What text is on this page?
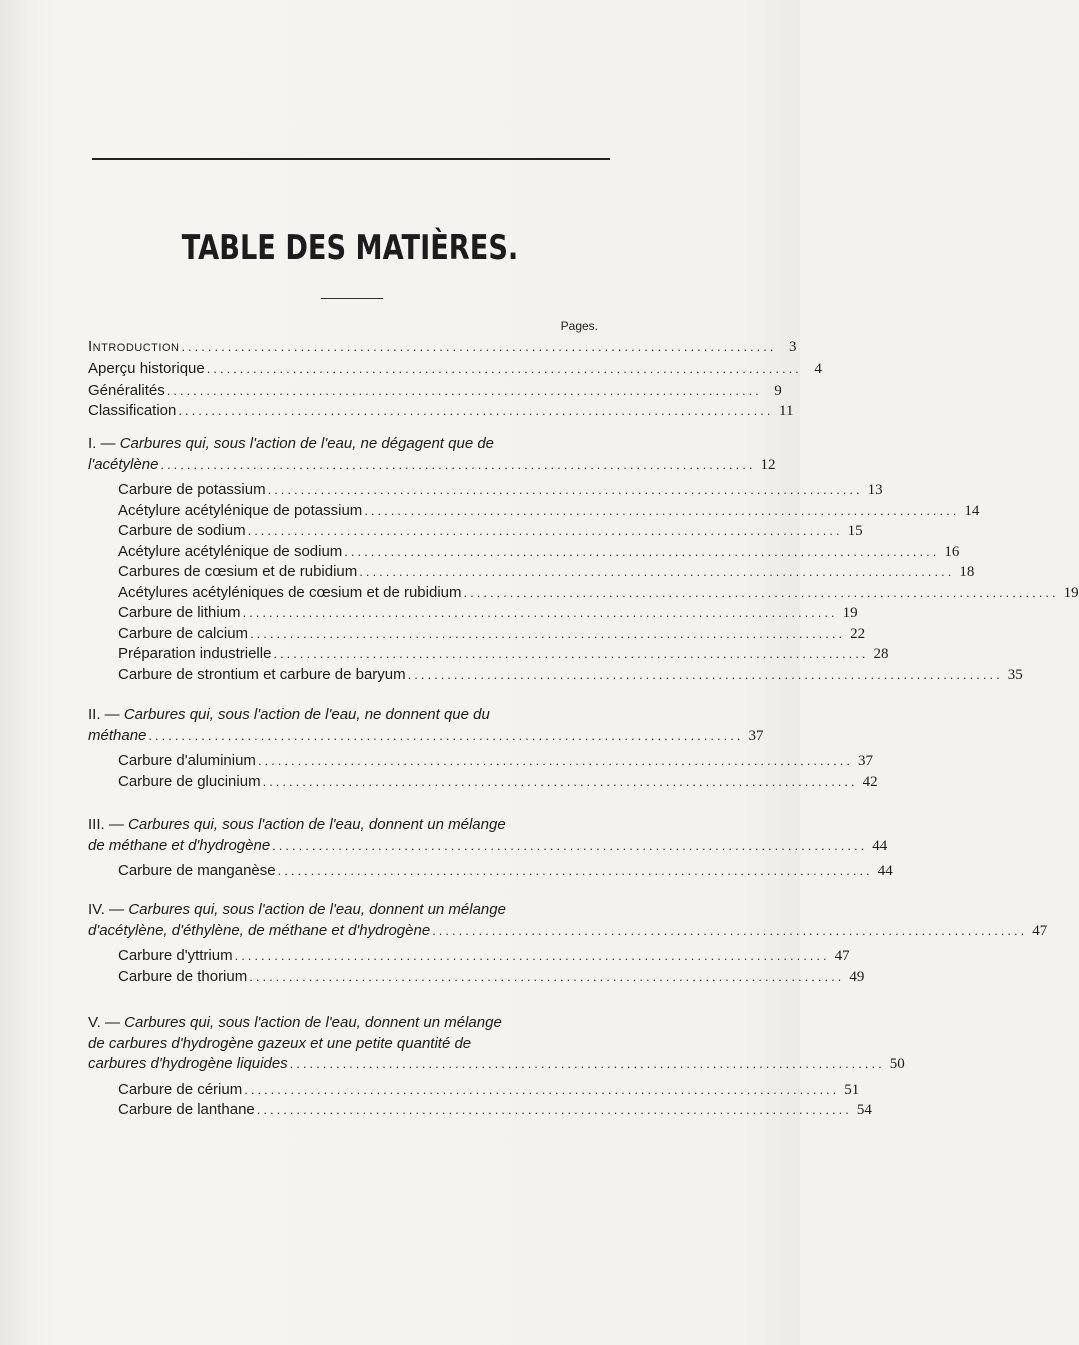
TABLE DES MATIÈRES.
Pages.
Introduction .......................................................................................... 3
Aperçu historique .......................................................................................... 4
Généralités .......................................................................................... 9
Classification .......................................................................................... 11
I. — Carbures qui, sous l'action de l'eau, ne dégagent que de
l'acétylène .......................................................................................... 12
Carbure de potassium .......................................................................................... 13
Acétylure acétylénique de potassium .......................................................................................... 14
Carbure de sodium .......................................................................................... 15
Acétylure acétylénique de sodium .......................................................................................... 16
Carbures de cœsium et de rubidium .......................................................................................... 18
Acétylures acétyléniques de cœsium et de rubidium .......................................................................................... 19
Carbure de lithium .......................................................................................... 19
Carbure de calcium .......................................................................................... 22
Préparation industrielle .......................................................................................... 28
Carbure de strontium et carbure de baryum .......................................................................................... 35
II. — Carbures qui, sous l'action de l'eau, ne donnent que du
méthane .......................................................................................... 37
Carbure d'aluminium .......................................................................................... 37
Carbure de glucinium .......................................................................................... 42
III. — Carbures qui, sous l'action de l'eau, donnent un mélange
de méthane et d'hydrogène .......................................................................................... 44
Carbure de manganèse .......................................................................................... 44
IV. — Carbures qui, sous l'action de l'eau, donnent un mélange
d'acétylène, d'éthylène, de méthane et d'hydrogène .......................................................................................... 47
Carbure d'yttrium .......................................................................................... 47
Carbure de thorium .......................................................................................... 49
V. — Carbures qui, sous l'action de l'eau, donnent un mélange
de carbures d'hydrogène gazeux et une petite quantité de
carbures d'hydrogène liquides .......................................................................................... 50
Carbure de cérium .......................................................................................... 51
Carbure de lanthane .......................................................................................... 54
